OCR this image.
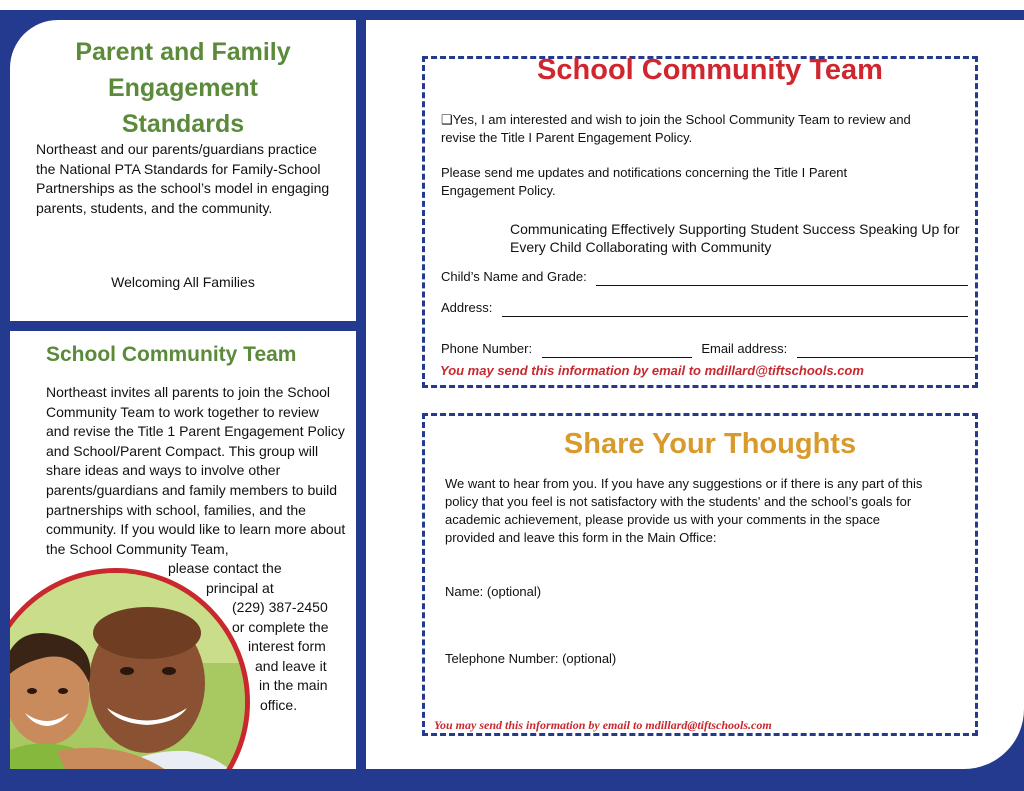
Parent and Family
Engagement
Standards
Northeast and our parents/guardians practice the National PTA Standards for Family-School Partnerships as the school’s model in engaging parents, students, and the community.
Welcoming All Families
School Community Team
Northeast invites all parents to join the School Community Team to work together to review and revise the Title 1 Parent Engagement Policy and School/Parent Compact. This group will share ideas and ways to involve other parents/guardians and family members to build partnerships with school, families, and the community. If you would like to learn more about the School Community Team,
please contact the
principal at
(229) 387-2450
or complete the
interest form
and leave it
in the main
office.
School Community Team
❑Yes, I am interested and wish to join the School Community Team to review and revise the Title I Parent Engagement Policy.
Please send me updates and notifications concerning the Title I Parent Engagement Policy.
Communicating Effectively Supporting Student Success Speaking Up for Every Child Collaborating with Community
Child’s Name and Grade:
Address:
Phone Number:	Email address:
You may send this information by email to mdillard@tiftschools.com
Share Your Thoughts
We want to hear from you. If you have any suggestions or if there is any part of this policy that you feel is not satisfactory with the students' and the school’s goals for academic achievement, please provide us with your comments in the space provided and leave this form in the Main Office:
Name: (optional)
Telephone Number: (optional)
You may send this information by email to mdillard@tiftschools.com
